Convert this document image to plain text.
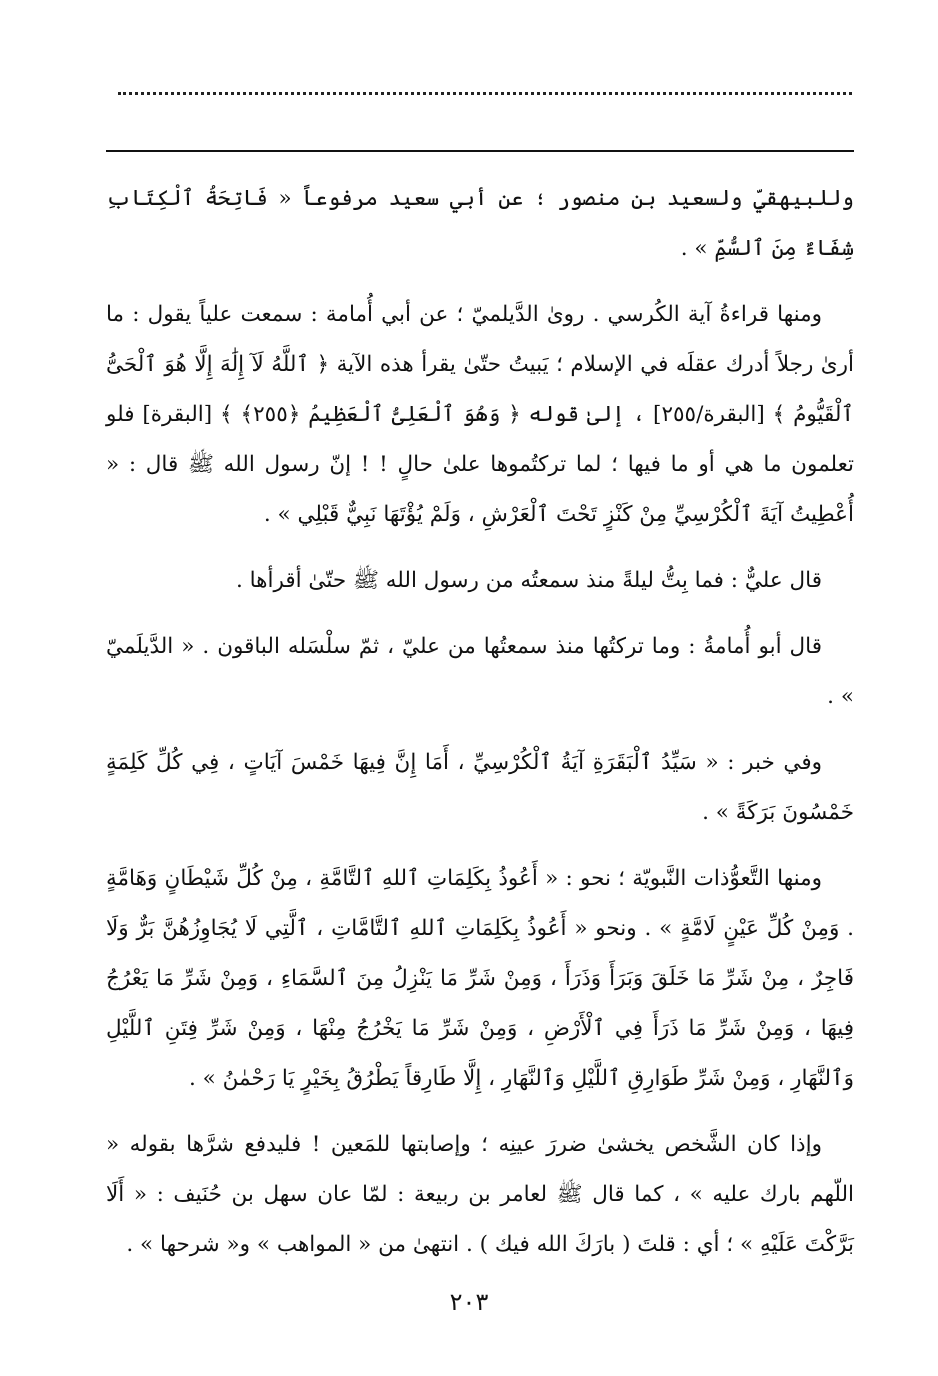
وللبيهقيِّ ولسعيد بن منصور ؛ عن أبي سعيد مرفوعاً « فَاتِحَةُ ٱلْكِتَابِ شِفَاءٌ مِنَ ٱلسُّمِّ » .

ومنها قراءةُ آية الكُرسي . روىٰ الدَّيلميّ ؛ عن أبي أُمامة : سمعت علياً يقول : ما أرىٰ رجلاً أدرك عقلَه في الإسلام ؛ يَبيتُ حتّىٰ يقرأ هذه الآية ﴿ ٱللَّهُ لَآ إِلَٰهَ إِلَّا هُوَ ٱلْحَىُّ ٱلْقَيُّومُ ﴾ [البقرة/٢٥٥] ، إلىٰ قوله ﴿ وَهُوَ ٱلْعَلِىُّ ٱلْعَظِيمُ ﴿٢٥٥﴾ ﴾ [البقرة] فلو تعلمون ما هي أو ما فيها ؛ لما تركتُموها علىٰ حالٍ ! ! إنّ رسول الله ﷺ قال : « أُعْطِيتُ آيَةَ ٱلْكُرْسِيِّ مِنْ كَنْزٍ تَحْتَ ٱلْعَرْشِ ، وَلَمْ يُؤْتَهَا نَبِيٌّ قَبْلِي » .

قال عليٌّ : فما بِتُّ ليلةً منذ سمعتُه من رسول الله ﷺ حتّىٰ أقرأها .

قال أبو أُمامةُ : وما تركتُها منذ سمعتُها من عليّ ، ثمّ سلْسَله الباقون . « الدَّيلَميّ » .

وفي خبر : « سَيِّدُ ٱلْبَقَرَةِ آيَةُ ٱلْكُرْسِيِّ ، أَمَا إِنَّ فِيهَا خَمْسَ آيَاتٍ ، فِي كُلِّ كَلِمَةٍ خَمْسُونَ بَرَكَةً » .

ومنها التَّعوُّذات النَّبويّة ؛ نحو : « أَعُوذُ بِكَلِمَاتِ ٱللهِ ٱلتَّامَّةِ ، مِنْ كُلِّ شَيْطَانٍ وَهَامَّةٍ . وَمِنْ كُلِّ عَيْنٍ لَامَّةٍ » . ونحو « أَعُوذُ بِكَلِمَاتِ ٱللهِ ٱلتَّامَّاتِ ، ٱلَّتِي لَا يُجَاوِزُهُنَّ بَرٌّ وَلَا فَاجِرٌ ، مِنْ شَرِّ مَا خَلَقَ وَبَرَأَ وَذَرَأَ ، وَمِنْ شَرِّ مَا يَنْزِلُ مِنَ ٱلسَّمَاءِ ، وَمِنْ شَرِّ مَا يَعْرُجُ فِيهَا ، وَمِنْ شَرِّ مَا ذَرَأَ فِي ٱلْأَرْضِ ، وَمِنْ شَرِّ مَا يَخْرُجُ مِنْهَا ، وَمِنْ شَرِّ فِتَنِ ٱللَّيْلِ وَٱلنَّهَارِ ، وَمِنْ شَرِّ طَوَارِقِ ٱللَّيْلِ وَٱلنَّهَارِ ، إِلَّا طَارِقاً يَطْرُقُ بِخَيْرٍ يَا رَحْمٰنُ » .

وإذا كان الشَّخص يخشىٰ ضررَ عينِه ؛ وإصابتها للمَعين ! فليدفع شرَّها بقوله « اللّهم بارك عليه » ، كما قال ﷺ لعامر بن ربيعة : لمّا عان سهل بن حُنَيف : « أَلَا بَرَّكْتَ عَلَيْهِ » ؛ أي : قلتَ ( بارَكَ الله فيك ) . انتهىٰ من « المواهب » و« شرحها » .

٢٠٣
